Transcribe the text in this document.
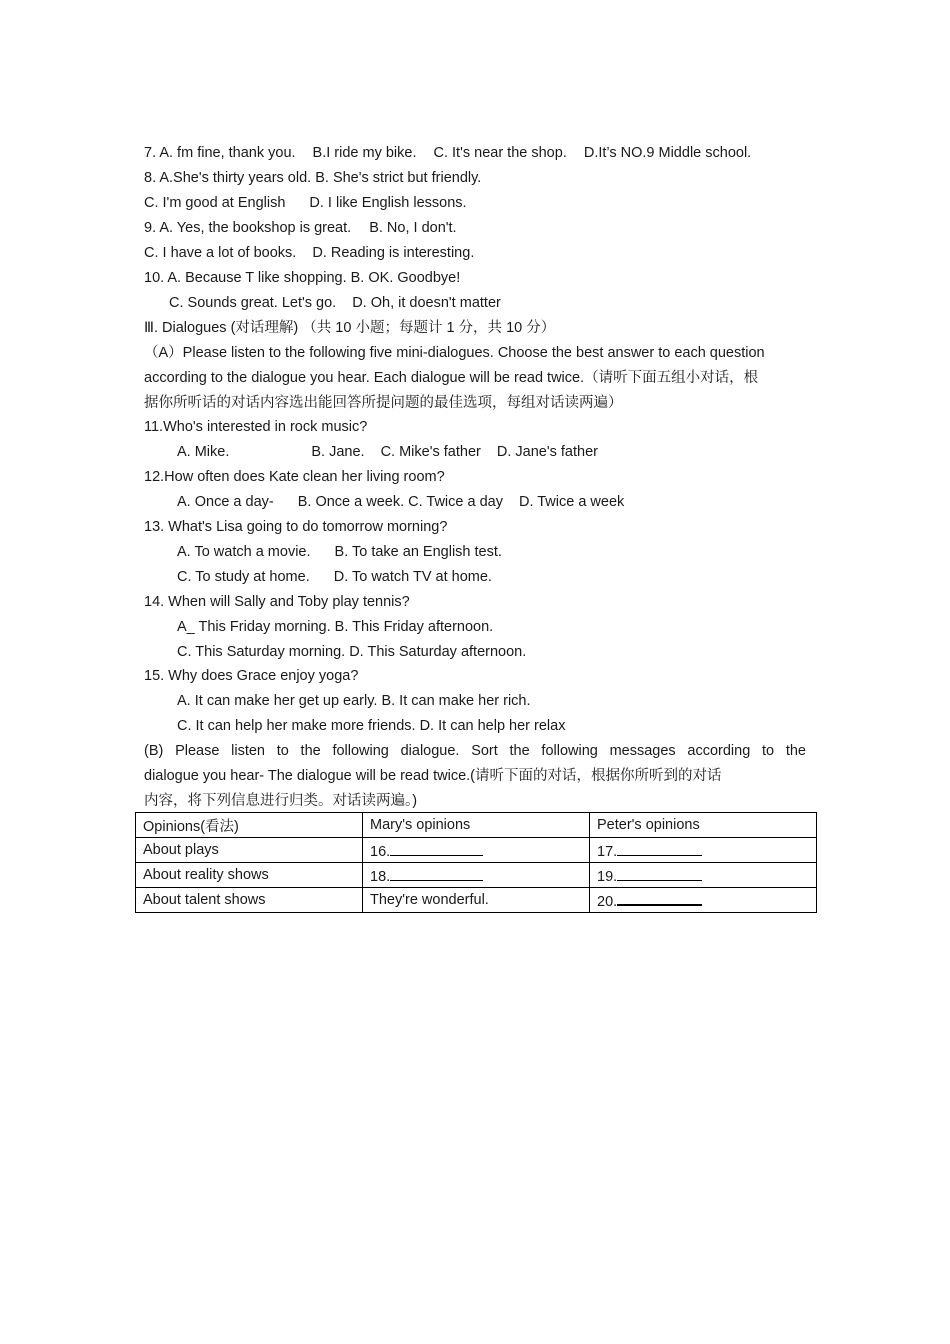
7. A. fm fine, thank you. B.I ride my bike. C. It's near the shop. D.It’s NO.9 Middle school.
8. A.She's thirty years old. B. She's strict but friendly.
C. I'm good at English D. I like English lessons.
9. A. Yes, the bookshop is great. B. No, I don't.
C. I have a lot of books. D. Reading is interesting.
10. A. Because T like shopping. B. OK. Goodbye!
C. Sounds great. Let's go. D. Oh, it doesn't matter
Ⅲ. Dialogues (对话理解) （共 10 小题；每题计 1 分，共 10 分）
（A）Please listen to the following five mini-dialogues. Choose the best answer to each question
according to the dialogue you hear. Each dialogue will be read twice.（请听下面五组小对话，根
据你所听话的对话内容选出能回答所提问题的最佳选项，每组对话读两遍）
11.Who's interested in rock music?
A. Mike.	B. Jane. C. Mike's father D. Jane's father
12.How often does Kate clean her living room?
A. Once a day- B. Once a week. C. Twice a day D. Twice a week
13. What's Lisa going to do tomorrow morning?
A. To watch a movie. B. To take an English test.
C. To study at home. D. To watch TV at home.
14. When will Sally and Toby play tennis?
A_ This Friday morning. B. This Friday afternoon.
C. This Saturday morning. D. This Saturday afternoon.
15. Why does Grace enjoy yoga?
A. It can make her get up early. B. It can make her rich.
C. It can help her make more friends. D. It can help her relax
(B) Please listen to the following dialogue. Sort the following messages according to the
dialogue you hear- The dialogue will be read twice.(请听下面的对话，根据你所听到的对话
内容，将下列信息进行归类。对话读两遍。)
Opinions(看法)	Mary's opinions	Peter's opinions
About plays	16.	17.
About reality shows	18.	19.
About talent shows	They're wonderful.	20.
